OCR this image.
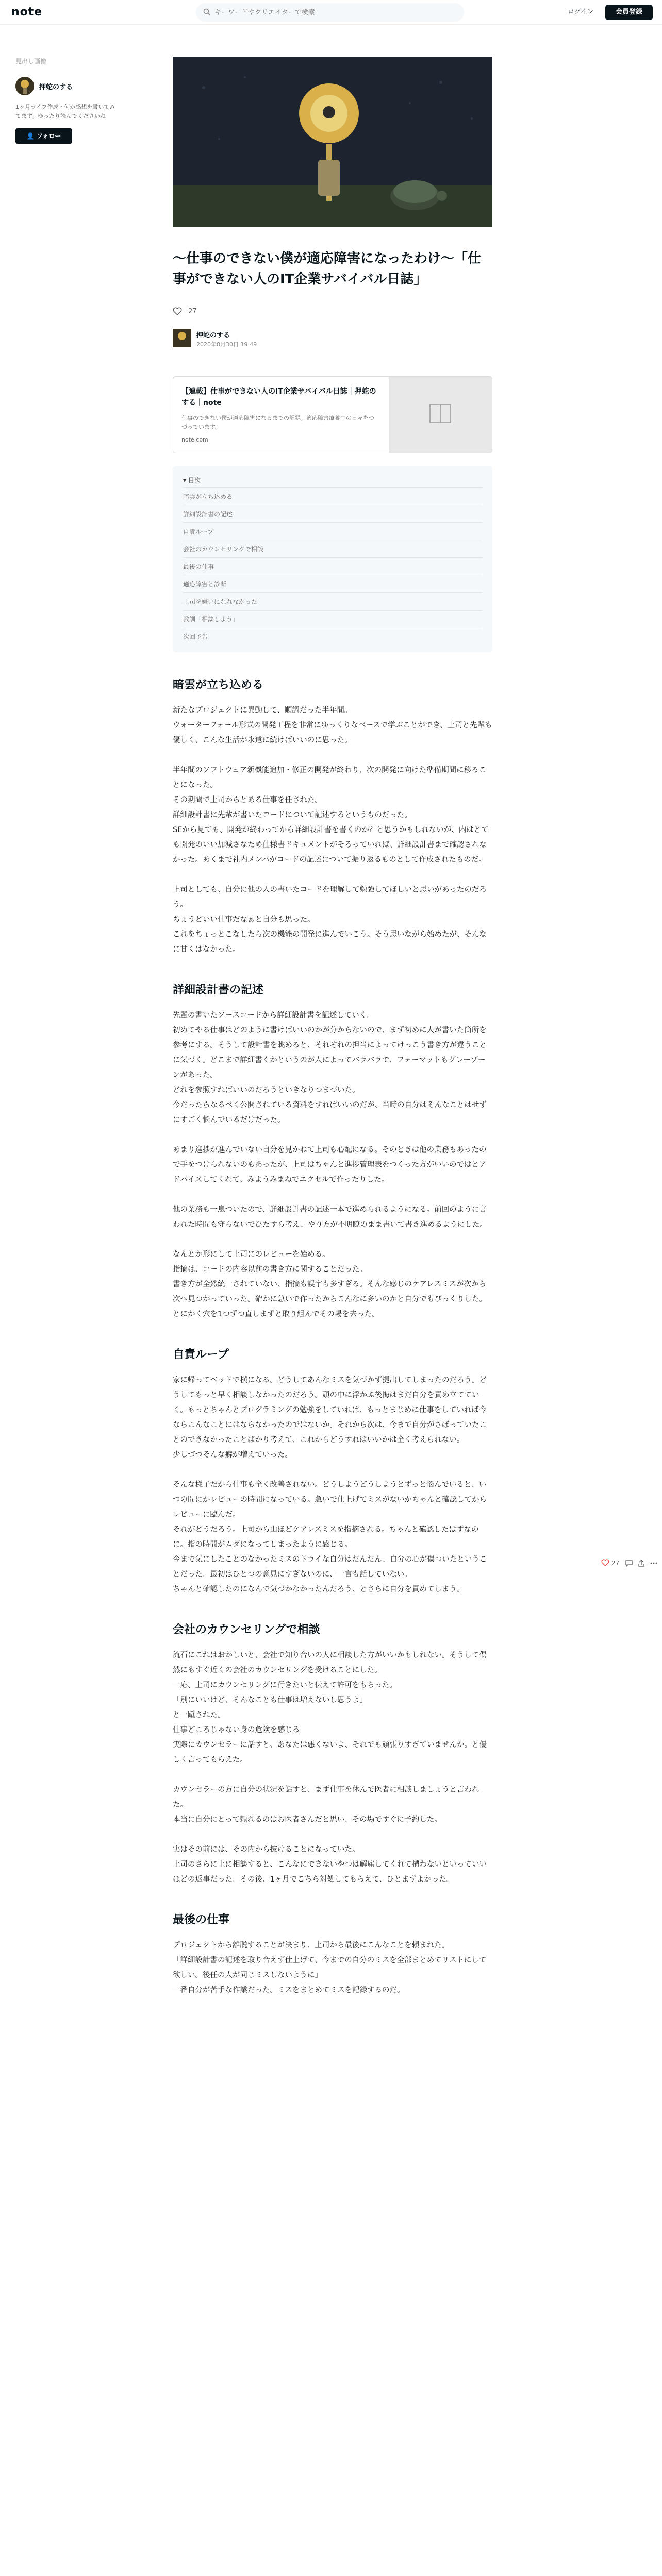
note
キーワードやクリエイターで検索	ログイン	会員登録
見出し画像
押蛇のする
1ヶ月ライフ作成・何か感想を書いてみてます。ゆったり読んでくださいね
👤 フォロー
〜仕事のできない僕が適応障害になったわけ〜「仕事ができない人のIT企業サバイバル日誌」
27
押蛇のする
2020年8月30日 19:49
【連載】仕事ができない人のIT企業サバイバル日誌｜押蛇のする｜note
仕事のできない僕が適応障害になるまでの記録。適応障害療養中の日々をつづっています。
note.com
▾ 目次
暗雲が立ち込める
詳細設計書の記述
自責ループ
会社のカウンセリングで相談
最後の仕事
適応障害と診断
上司を嫌いになれなかった
教訓「相談しよう」
次回予告
暗雲が立ち込める
新たなプロジェクトに異動して、順調だった半年間。
ウォーターフォール形式の開発工程を非常にゆっくりなペースで学ぶことができ、上司と先輩も優しく、こんな生活が永遠に続けばいいのに思った。
半年間のソフトウェア新機能追加・修正の開発が終わり、次の開発に向けた準備期間に移ることになった。
その期間で上司からとある仕事を任された。
詳細設計書に先輩が書いたコードについて記述するというものだった。
SEから見ても、開発が終わってから詳細設計書を書くのか？と思うかもしれないが、内はとても開発のいい加減さなため仕様書ドキュメントがそろっていれば、詳細設計書まで確認されなかった。あくまで社内メンバがコードの記述について振り返るものとして作成されたものだ。
上司としても、自分に他の人の書いたコードを理解して勉強してほしいと思いがあったのだろう。
ちょうどいい仕事だなぁと自分も思った。
これをちょっとこなしたら次の機能の開発に進んでいこう。そう思いながら始めたが、そんなに甘くはなかった。
詳細設計書の記述
先輩の書いたソースコードから詳細設計書を記述していく。
初めてやる仕事はどのように書けばいいのかが分からないので、まず初めに人が書いた箇所を参考にする。そうして設計書を眺めると、それぞれの担当によってけっこう書き方が違うことに気づく。どこまで詳細書くかというのが人によってバラバラで、フォーマットもグレーゾーンがあった。
どれを参照すればいいのだろうといきなりつまづいた。
今だったらなるべく公開されている資料をすればいいのだが、当時の自分はそんなことはせずにすごく悩んでいるだけだった。
あまり進捗が進んでいない自分を見かねて上司も心配になる。そのときは他の業務もあったので手をつけられないのもあったが、上司はちゃんと進捗管理表をつくった方がいいのではとアドバイスしてくれて、みようみまねでエクセルで作ったりした。
他の業務も一息ついたので、詳細設計書の記述一本で進められるようになる。前回のように言われた時間も守らないでひたすら考え、やり方が不明瞭のまま書いて書き進めるようにした。
なんとか形にして上司にのレビューを始める。
指摘は、コードの内容以前の書き方に関することだった。
書き方が全然統一されていない、指摘も誤字も多すぎる。そんな感じのケアレスミスが次から次へ見つかっていった。確かに急いで作ったからこんなに多いのかと自分でもびっくりした。
とにかく穴を1つずつ直しまずと取り組んでその場を去った。
自責ループ
家に帰ってベッドで横になる。どうしてあんなミスを気づかず提出してしまったのだろう。どうしてもっと早く相談しなかったのだろう。頭の中に浮かぶ後悔はまだ自分を責め立てていく。もっとちゃんとプログラミングの勉強をしていれば、もっとまじめに仕事をしていれば今ならこんなことにはならなかったのではないか。それから次は、今まで自分がさぼっていたことのできなかったことばかり考えて、これからどうすればいいかは全く考えられない。
少しづつそんな癖が増えていった。
そんな様子だから仕事も全く改善されない。どうしようどうしようとずっと悩んでいると、いつの間にかレビューの時間になっている。急いで仕上げてミスがないかちゃんと確認してからレビューに臨んだ。
それがどうだろう。上司から山ほどケアレスミスを指摘される。ちゃんと確認したはずなのに。指の時間がムダになってしまったように感じる。
今まで気にしたことのなかったミスのドライな自分はだんだん、自分の心が傷ついたということだった。最初はひとつの意見にすぎないのに、一言も話していない。
ちゃんと確認したのになんで気づかなかったんだろう、とさらに自分を責めてしまう。
会社のカウンセリングで相談
流石にこれはおかしいと、会社で知り合いの人に相談した方がいいかもしれない。そうして偶然にもすぐ近くの会社のカウンセリングを受けることにした。
一応、上司にカウンセリングに行きたいと伝えて許可をもらった。
「別にいいけど、そんなことも仕事は増えないし思うよ」
と一蹴された。
仕事どころじゃない身の危険を感じる
実際にカウンセラーに話すと、あなたは悪くないよ、それでも頑張りすぎていませんか。と優しく言ってもらえた。
カウンセラーの方に自分の状況を話すと、まず仕事を休んで医者に相談しましょうと言われた。
本当に自分にとって頼れるのはお医者さんだと思い、その場ですぐに予約した。
実はその前には、その内から抜けることになっていた。
上司のさらに上に相談すると、こんなにできないやつは解雇してくれて構わないといっていいほどの返事だった。その後、1ヶ月でこちら対処してもらえて、ひとまずよかった。
最後の仕事
プロジェクトから離脱することが決まり、上司から最後にこんなことを頼まれた。
「詳細設計書の記述を取り合えず仕上げて、今までの自分のミスを全部まとめてリストにして欲しい。後任の人が同じミスしないように」
一番自分が苦手な作業だった。ミスをまとめてミスを記録するのだ。
27
